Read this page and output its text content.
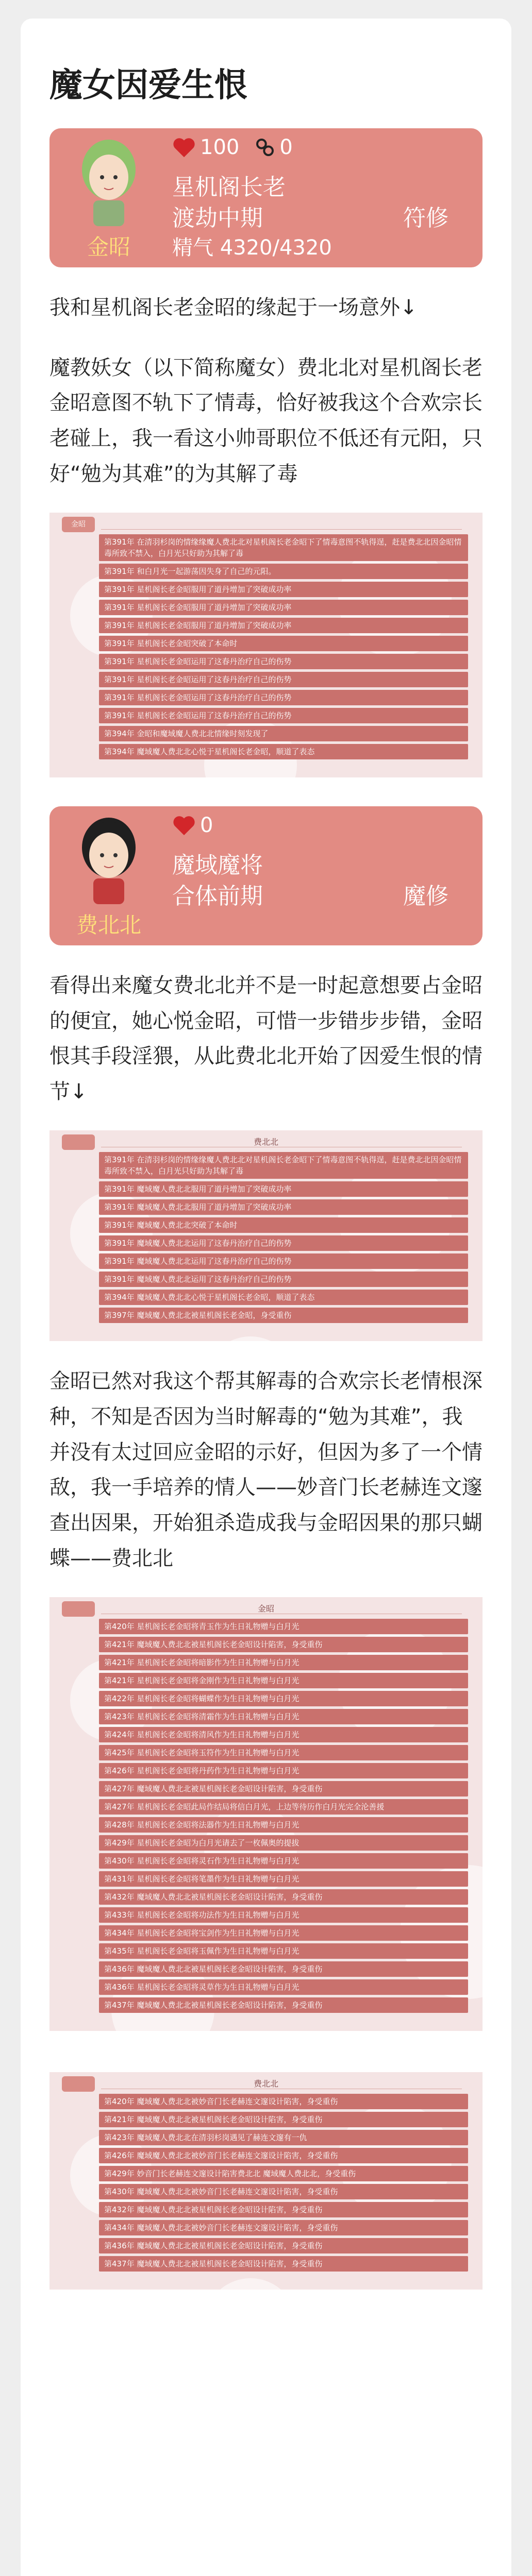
魔女因爱生恨
金昭
100 0
星机阁长老
渡劫中期
精气 4320/4320
符修
我和星机阁长老金昭的缘起于一场意外↓
魔教妖女（以下简称魔女）费北北对星机阁长老金昭意图不轨下了情毒，恰好被我这个合欢宗长老碰上，我一看这小帅哥职位不低还有元阳，只好“勉为其难”的为其解了毒
金昭
第391年 在清羽杉岗的情缘缘魔人费北北对星机阁长老金昭下了情毒意图不轨得逞，赶是费北北因金昭情毒所致不禁入，白月光只好助为其解了毒
第391年 和白月光一起游荡因失身了自己的元阳。
第391年 星机阁长老金昭服用了道丹增加了突破成功率
第391年 星机阁长老金昭服用了道丹增加了突破成功率
第391年 星机阁长老金昭服用了道丹增加了突破成功率
第391年 星机阁长老金昭突破了本命时
第391年 星机阁长老金昭运用了这春丹治疗自己的伤势
第391年 星机阁长老金昭运用了这春丹治疗自己的伤势
第391年 星机阁长老金昭运用了这春丹治疗自己的伤势
第391年 星机阁长老金昭运用了这春丹治疗自己的伤势
第394年 金昭和魔域魔人费北北情缘时刻发现了
第394年 魔域魔人费北北心悦于星机阁长老金昭，顺道了表态
费北北
0
魔域魔将
合体前期	魔修
看得出来魔女费北北并不是一时起意想要占金昭的便宜，她心悦金昭，可惜一步错步步错，金昭恨其手段淫猥，从此费北北开始了因爱生恨的情节↓
费北北
第391年 在清羽杉岗的情缘缘魔人费北北对星机阁长老金昭下了情毒意图不轨得逞，赶是费北北因金昭情毒所致不禁入，白月光只好助为其解了毒
第391年 魔域魔人费北北服用了道丹增加了突破成功率
第391年 魔域魔人费北北服用了道丹增加了突破成功率
第391年 魔域魔人费北北突破了本命时
第391年 魔域魔人费北北运用了这春丹治疗自己的伤势
第391年 魔域魔人费北北运用了这春丹治疗自己的伤势
第391年 魔域魔人费北北运用了这春丹治疗自己的伤势
第394年 魔域魔人费北北心悦于星机阁长老金昭，顺道了表态
第397年 魔域魔人费北北被星机阁长老金昭，身受重伤
金昭已然对我这个帮其解毒的合欢宗长老情根深种，不知是否因为当时解毒的“勉为其难”，我并没有太过回应金昭的示好，但因为多了一个情敌，我一手培养的情人——妙音门长老赫连文邃查出因果，开始狙杀造成我与金昭因果的那只蝴蝶——费北北
金昭
第420年 星机阁长老金昭将青玉作为生日礼物赠与白月光
第421年 魔域魔人费北北被星机阁长老金昭设计陷害，身受重伤
第421年 星机阁长老金昭将暗影作为生日礼物赠与白月光
第421年 星机阁长老金昭将金刚作为生日礼物赠与白月光
第422年 星机阁长老金昭将蝴蝶作为生日礼物赠与白月光
第423年 星机阁长老金昭将清霜作为生日礼物赠与白月光
第424年 星机阁长老金昭将清风作为生日礼物赠与白月光
第425年 星机阁长老金昭将玉符作为生日礼物赠与白月光
第426年 星机阁长老金昭将丹药作为生日礼物赠与白月光
第427年 魔域魔人费北北被星机阁长老金昭设计陷害，身受重伤
第427年 星机阁长老金昭此局作结局将信白月光，上边等待历作白月光完全沦善援
第428年 星机阁长老金昭将法器作为生日礼物赠与白月光
第429年 星机阁长老金昭为白月光请去了一枚佩奥的提拔
第430年 星机阁长老金昭将灵石作为生日礼物赠与白月光
第431年 星机阁长老金昭将笔墨作为生日礼物赠与白月光
第432年 魔域魔人费北北被星机阁长老金昭设计陷害，身受重伤
第433年 星机阁长老金昭将功法作为生日礼物赠与白月光
第434年 星机阁长老金昭将宝剑作为生日礼物赠与白月光
第435年 星机阁长老金昭将玉佩作为生日礼物赠与白月光
第436年 魔域魔人费北北被星机阁长老金昭设计陷害，身受重伤
第436年 星机阁长老金昭将灵草作为生日礼物赠与白月光
第437年 魔域魔人费北北被星机阁长老金昭设计陷害，身受重伤
费北北
第420年 魔域魔人费北北被妙音门长老赫连文邃设计陷害，身受重伤
第421年 魔域魔人费北北被星机阁长老金昭设计陷害，身受重伤
第423年 魔域魔人费北北在清羽杉岗遇见了赫连文邃有一仇
第426年 魔域魔人费北北被妙音门长老赫连文邃设计陷害，身受重伤
第429年 妙音门长老赫连文邃设计陷害费北北 魔域魔人费北北，身受重伤
第430年 魔域魔人费北北被妙音门长老赫连文邃设计陷害，身受重伤
第432年 魔域魔人费北北被星机阁长老金昭设计陷害，身受重伤
第434年 魔域魔人费北北被妙音门长老赫连文邃设计陷害，身受重伤
第436年 魔域魔人费北北被星机阁长老金昭设计陷害，身受重伤
第437年 魔域魔人费北北被星机阁长老金昭设计陷害，身受重伤
